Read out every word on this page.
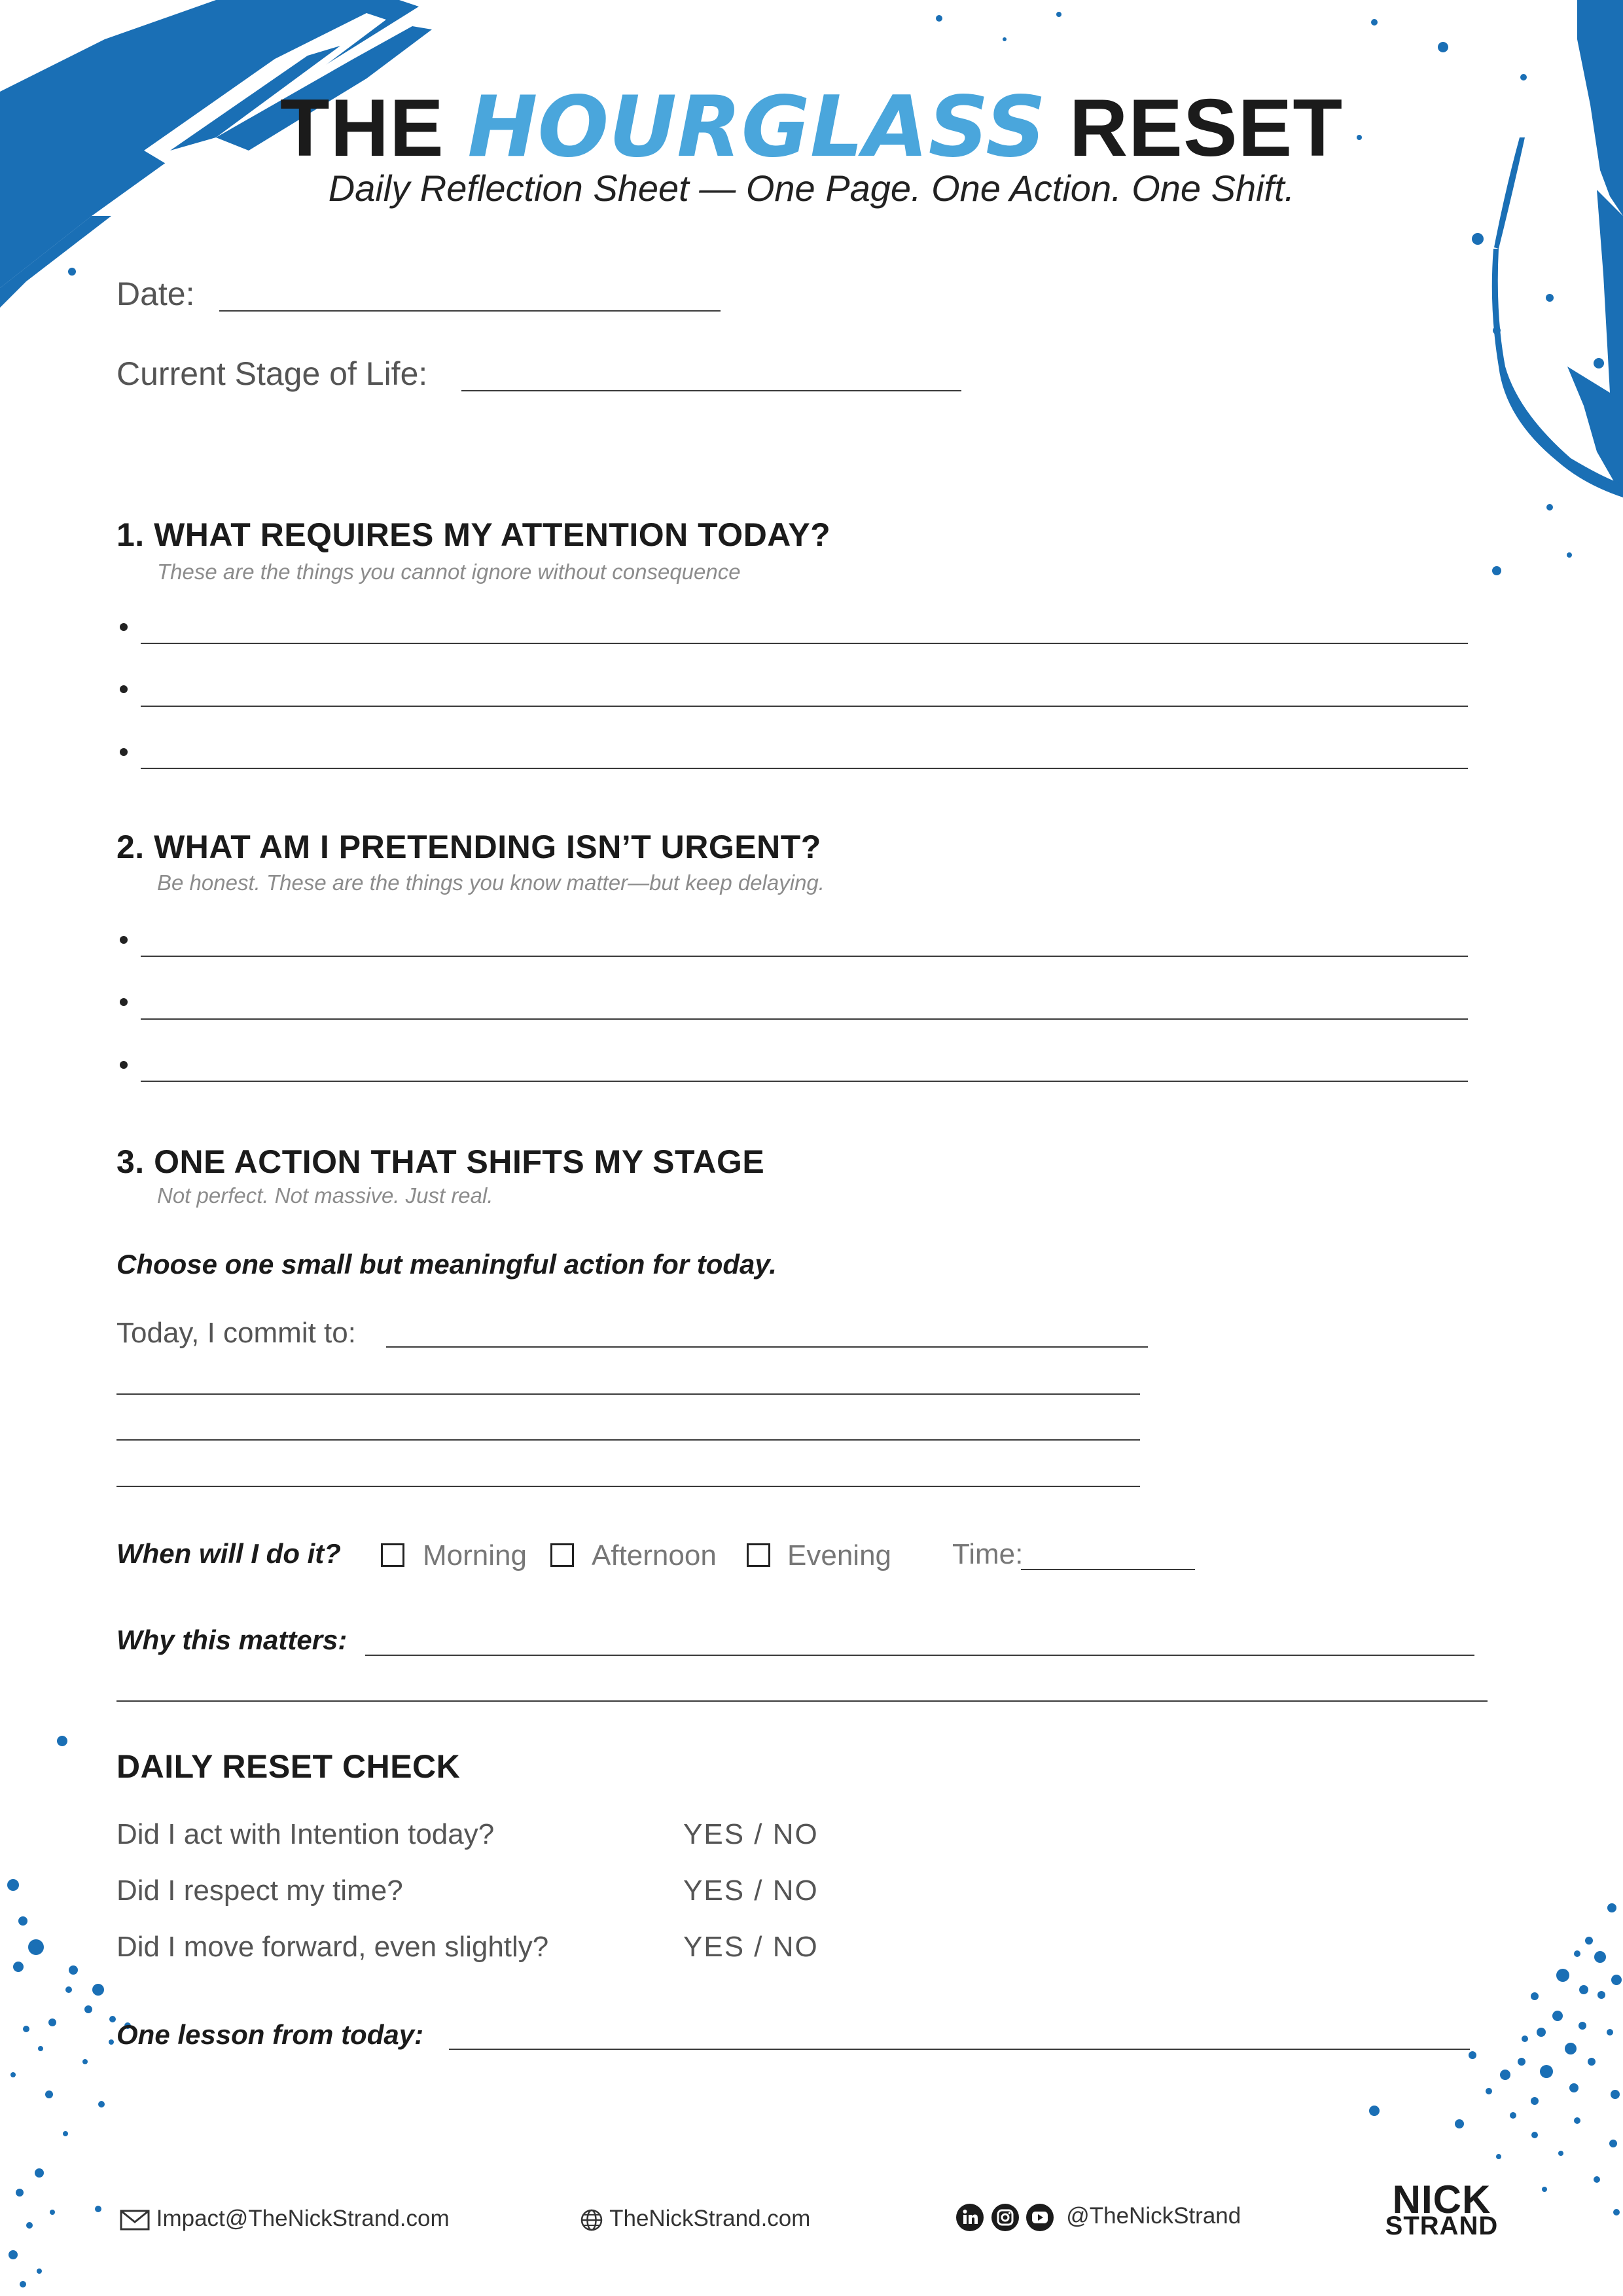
THE HOURGLASS RESET
Daily Reflection Sheet — One Page. One Action. One Shift.
Date:
Current Stage of Life:
1. WHAT REQUIRES MY ATTENTION TODAY?
These are the things you cannot ignore without consequence
2. WHAT AM I PRETENDING ISN’T URGENT?
Be honest. These are the things you know matter—but keep delaying.
3. ONE ACTION THAT SHIFTS MY STAGE
Not perfect. Not massive. Just real.
Choose one small but meaningful action for today.
Today, I commit to:
When will I do it?	Morning Afternoon Evening Time:
Why this matters:
DAILY RESET CHECK
Did I act with Intention today?	YES / NO
Did I respect my time?	YES / NO
Did I move forward, even slightly?	YES / NO
One lesson from today:
Impact@TheNickStrand.com	TheNickStrand.com	@TheNickStrand	NICK
STRAND
